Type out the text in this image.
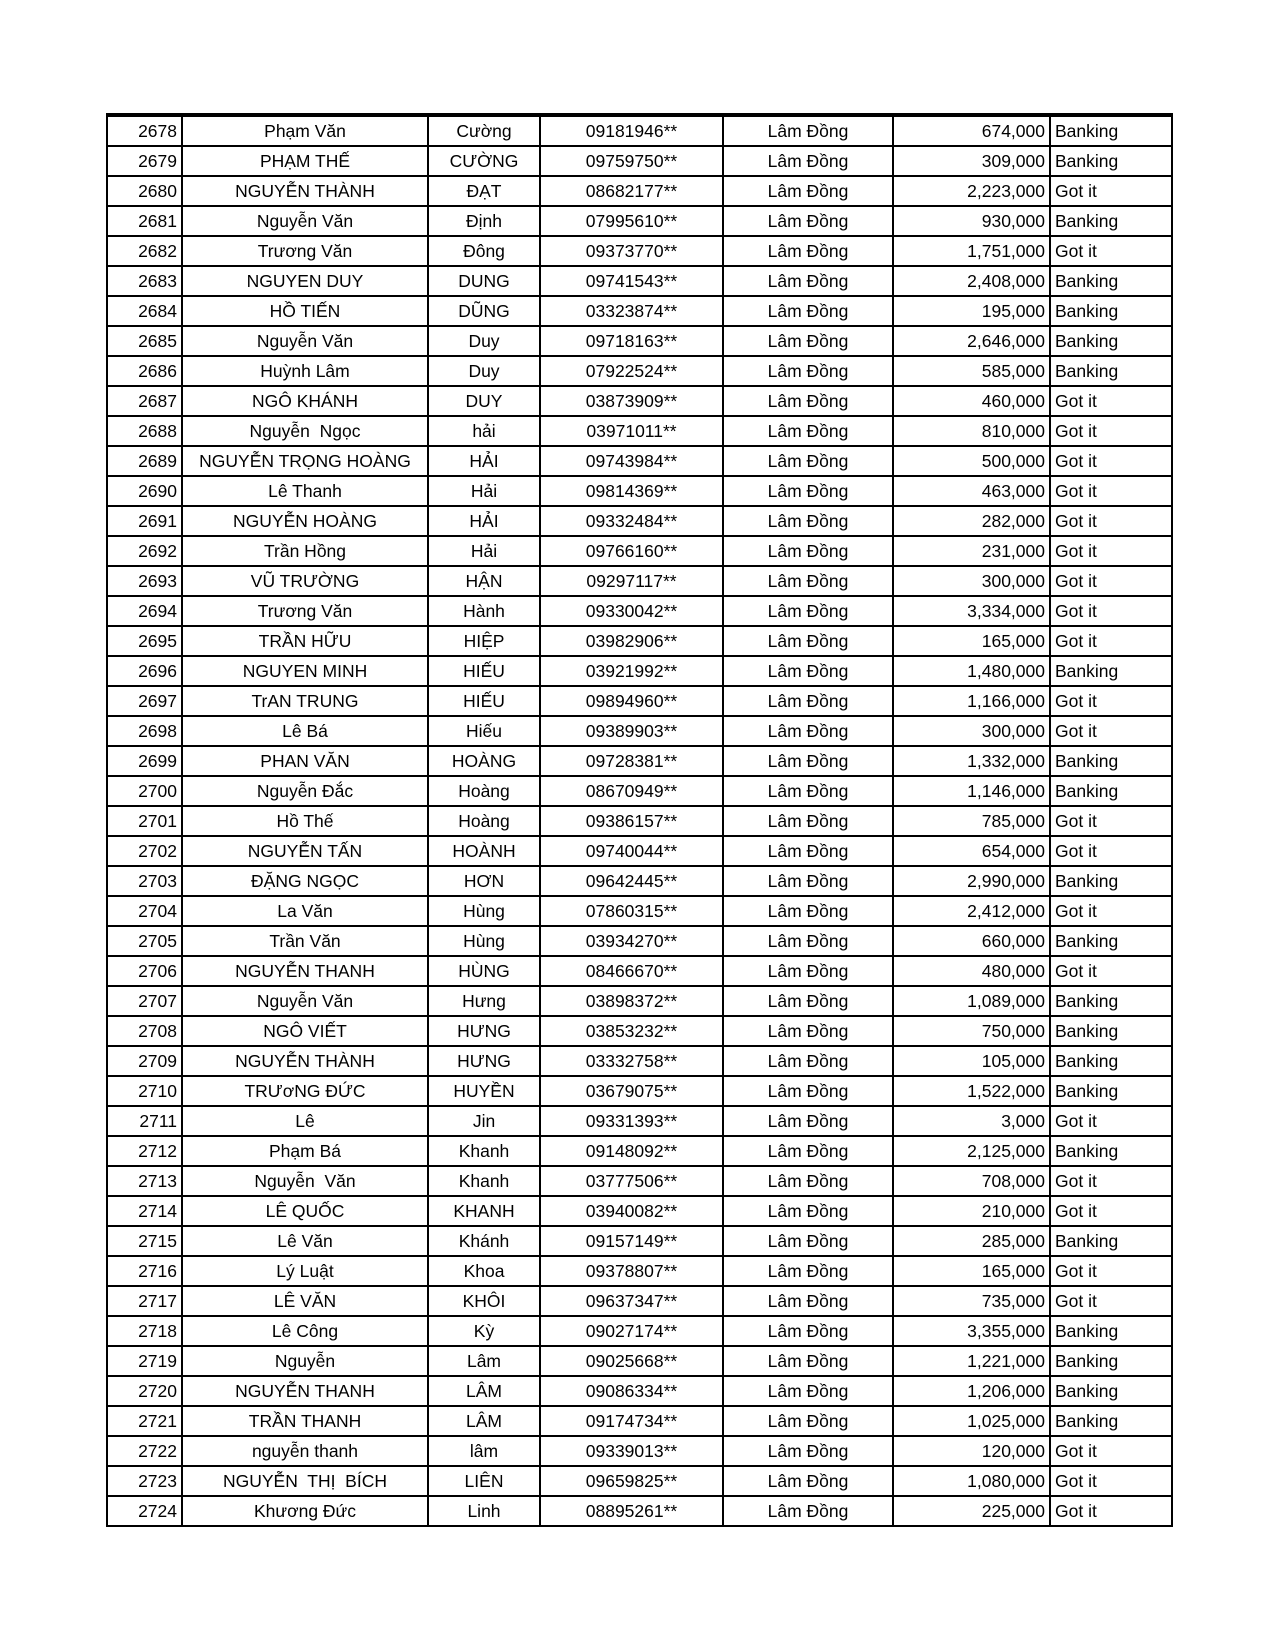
2678	Phạm Văn	Cường	09181946**	Lâm Đồng	674,000	Banking
2679	PHẠM THẾ	CƯỜNG	09759750**	Lâm Đồng	309,000	Banking
2680	NGUYỄN THÀNH	ĐẠT	08682177**	Lâm Đồng	2,223,000	Got it
2681	Nguyễn Văn	Định	07995610**	Lâm Đồng	930,000	Banking
2682	Trương Văn	Đông	09373770**	Lâm Đồng	1,751,000	Got it
2683	NGUYEN DUY	DUNG	09741543**	Lâm Đồng	2,408,000	Banking
2684	HỒ TIẾN	DŨNG	03323874**	Lâm Đồng	195,000	Banking
2685	Nguyễn Văn	Duy	09718163**	Lâm Đồng	2,646,000	Banking
2686	Huỳnh Lâm	Duy	07922524**	Lâm Đồng	585,000	Banking
2687	NGÔ KHÁNH	DUY	03873909**	Lâm Đồng	460,000	Got it
2688	Nguyễn  Ngọc	hải	03971011**	Lâm Đồng	810,000	Got it
2689	NGUYỄN TRỌNG HOÀNG	HẢI	09743984**	Lâm Đồng	500,000	Got it
2690	Lê Thanh	Hải	09814369**	Lâm Đồng	463,000	Got it
2691	NGUYỄN HOÀNG	HẢI	09332484**	Lâm Đồng	282,000	Got it
2692	Trần Hồng	Hải	09766160**	Lâm Đồng	231,000	Got it
2693	VŨ TRƯỜNG	HẬN	09297117**	Lâm Đồng	300,000	Got it
2694	Trương Văn	Hành	09330042**	Lâm Đồng	3,334,000	Got it
2695	TRẦN HỮU	HIỆP	03982906**	Lâm Đồng	165,000	Got it
2696	NGUYEN MINH	HIẾU	03921992**	Lâm Đồng	1,480,000	Banking
2697	TrAN TRUNG	HIẾU	09894960**	Lâm Đồng	1,166,000	Got it
2698	Lê Bá	Hiếu	09389903**	Lâm Đồng	300,000	Got it
2699	PHAN VĂN	HOÀNG	09728381**	Lâm Đồng	1,332,000	Banking
2700	Nguyễn Đắc	Hoàng	08670949**	Lâm Đồng	1,146,000	Banking
2701	Hồ Thế	Hoàng	09386157**	Lâm Đồng	785,000	Got it
2702	NGUYỄN TẤN	HOÀNH	09740044**	Lâm Đồng	654,000	Got it
2703	ĐẶNG NGỌC	HƠN	09642445**	Lâm Đồng	2,990,000	Banking
2704	La Văn	Hùng	07860315**	Lâm Đồng	2,412,000	Got it
2705	Trần Văn	Hùng	03934270**	Lâm Đồng	660,000	Banking
2706	NGUYỄN THANH	HÙNG	08466670**	Lâm Đồng	480,000	Got it
2707	Nguyễn Văn	Hưng	03898372**	Lâm Đồng	1,089,000	Banking
2708	NGÔ VIẾT	HƯNG	03853232**	Lâm Đồng	750,000	Banking
2709	NGUYỄN THÀNH	HƯNG	03332758**	Lâm Đồng	105,000	Banking
2710	TRƯơNG ĐỨC	HUYỀN	03679075**	Lâm Đồng	1,522,000	Banking
2711	Lê	Jin	09331393**	Lâm Đồng	3,000	Got it
2712	Phạm Bá	Khanh	09148092**	Lâm Đồng	2,125,000	Banking
2713	Nguyễn  Văn	Khanh	03777506**	Lâm Đồng	708,000	Got it
2714	LÊ QUỐC	KHANH	03940082**	Lâm Đồng	210,000	Got it
2715	Lê Văn	Khánh	09157149**	Lâm Đồng	285,000	Banking
2716	Lý Luật	Khoa	09378807**	Lâm Đồng	165,000	Got it
2717	LÊ VĂN	KHÔI	09637347**	Lâm Đồng	735,000	Got it
2718	Lê Công	Kỳ	09027174**	Lâm Đồng	3,355,000	Banking
2719	Nguyễn	Lâm	09025668**	Lâm Đồng	1,221,000	Banking
2720	NGUYỄN THANH	LÂM	09086334**	Lâm Đồng	1,206,000	Banking
2721	TRẦN THANH	LÂM	09174734**	Lâm Đồng	1,025,000	Banking
2722	nguyễn thanh	lâm	09339013**	Lâm Đồng	120,000	Got it
2723	NGUYỄN  THỊ  BÍCH	LIÊN	09659825**	Lâm Đồng	1,080,000	Got it
2724	Khương Đức	Linh	08895261**	Lâm Đồng	225,000	Got it
